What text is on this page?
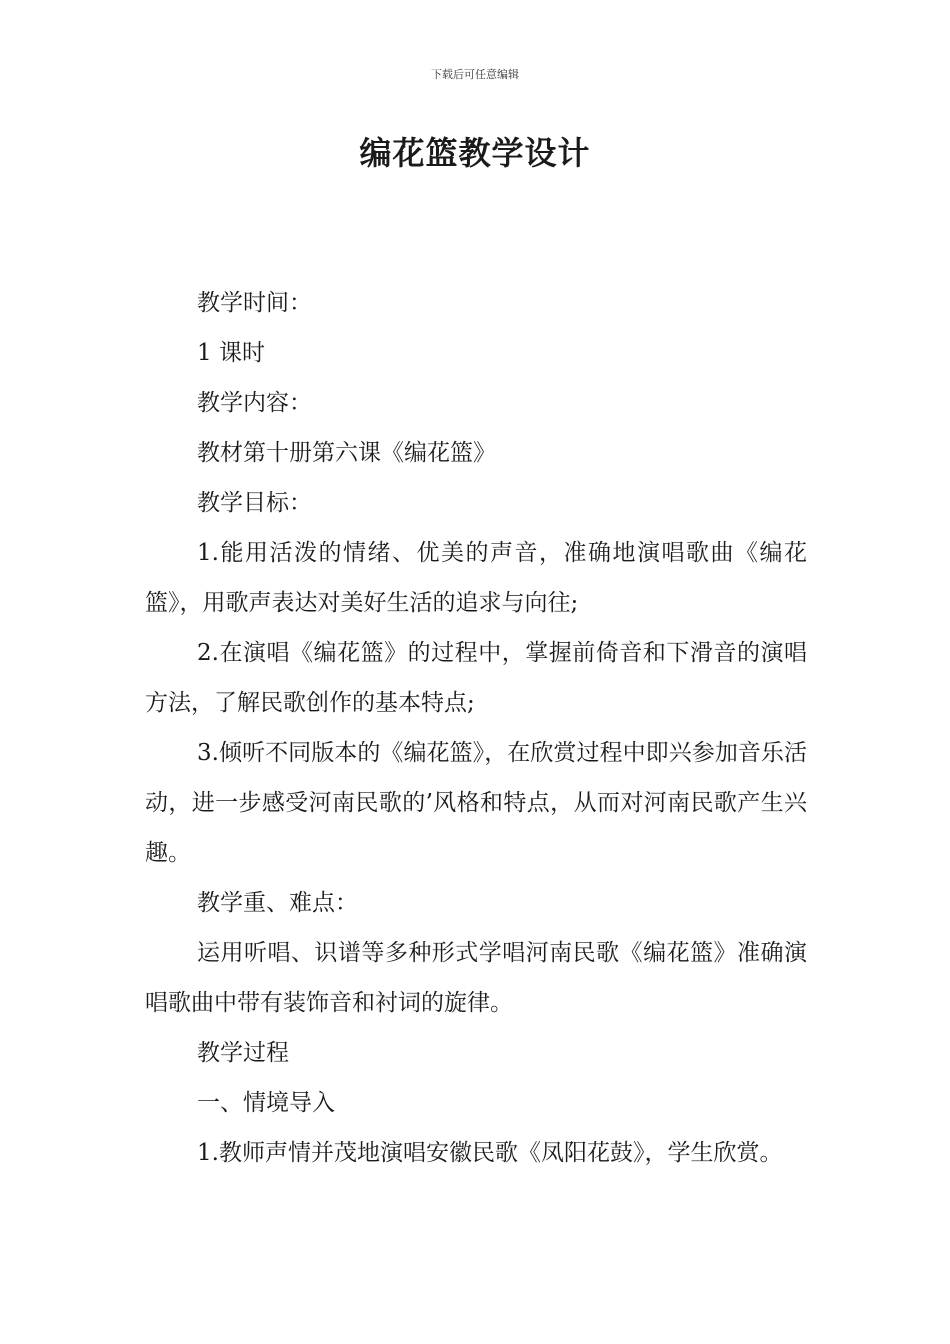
下载后可任意编辑
编花篮教学设计

教学时间：

1 课时

教学内容：

教材第十册第六课《编花篮》

教学目标：

1.能用活泼的情绪、优美的声音，准确地演唱歌曲《编花篮》，用歌声表达对美好生活的追求与向往;

2.在演唱《编花篮》的过程中，掌握前倚音和下滑音的演唱方法，了解民歌创作的基本特点;

3.倾听不同版本的《编花篮》，在欣赏过程中即兴参加音乐活动，进一步感受河南民歌的’风格和特点，从而对河南民歌产生兴趣。

教学重、难点：

运用听唱、识谱等多种形式学唱河南民歌《编花篮》准确演唱歌曲中带有装饰音和衬词的旋律。

教学过程

一、情境导入

1.教师声情并茂地演唱安徽民歌《凤阳花鼓》，学生欣赏。
